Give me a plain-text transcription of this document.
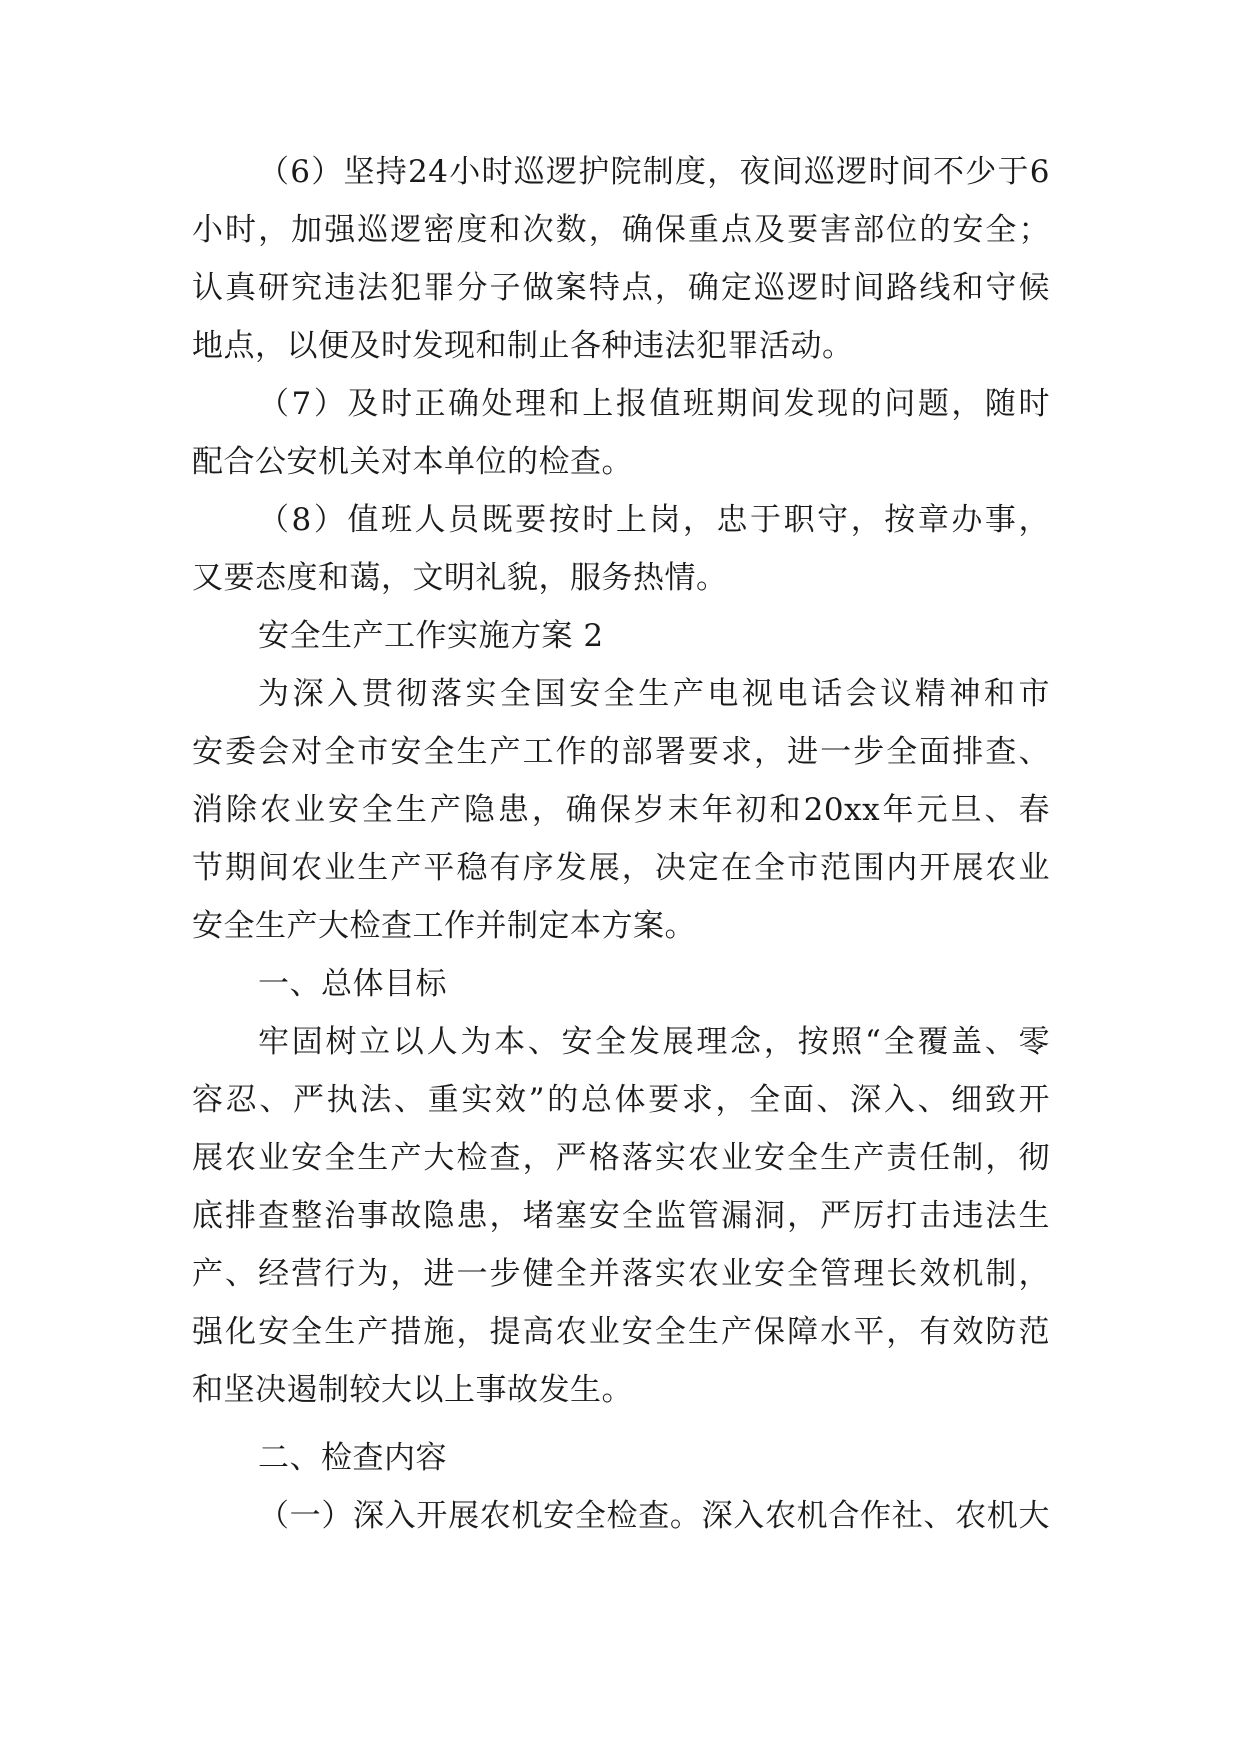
（6）坚持24小时巡逻护院制度，夜间巡逻时间不少于6
小时，加强巡逻密度和次数，确保重点及要害部位的安全；
认真研究违法犯罪分子做案特点，确定巡逻时间路线和守候
地点，以便及时发现和制止各种违法犯罪活动。
（7）及时正确处理和上报值班期间发现的问题，随时
配合公安机关对本单位的检查。
（8）值班人员既要按时上岗，忠于职守，按章办事，
又要态度和蔼，文明礼貌，服务热情。
安全生产工作实施方案 2
为深入贯彻落实全国安全生产电视电话会议精神和市
安委会对全市安全生产工作的部署要求，进一步全面排查、
消除农业安全生产隐患，确保岁末年初和20xx年元旦、春
节期间农业生产平稳有序发展，决定在全市范围内开展农业
安全生产大检查工作并制定本方案。
一、总体目标
牢固树立以人为本、安全发展理念，按照“全覆盖、零
容忍、严执法、重实效”的总体要求，全面、深入、细致开
展农业安全生产大检查，严格落实农业安全生产责任制，彻
底排查整治事故隐患，堵塞安全监管漏洞，严厉打击违法生
产、经营行为，进一步健全并落实农业安全管理长效机制，
强化安全生产措施，提高农业安全生产保障水平，有效防范
和坚决遏制较大以上事故发生。
二、检查内容
（一）深入开展农机安全检查。深入农机合作社、农机大
